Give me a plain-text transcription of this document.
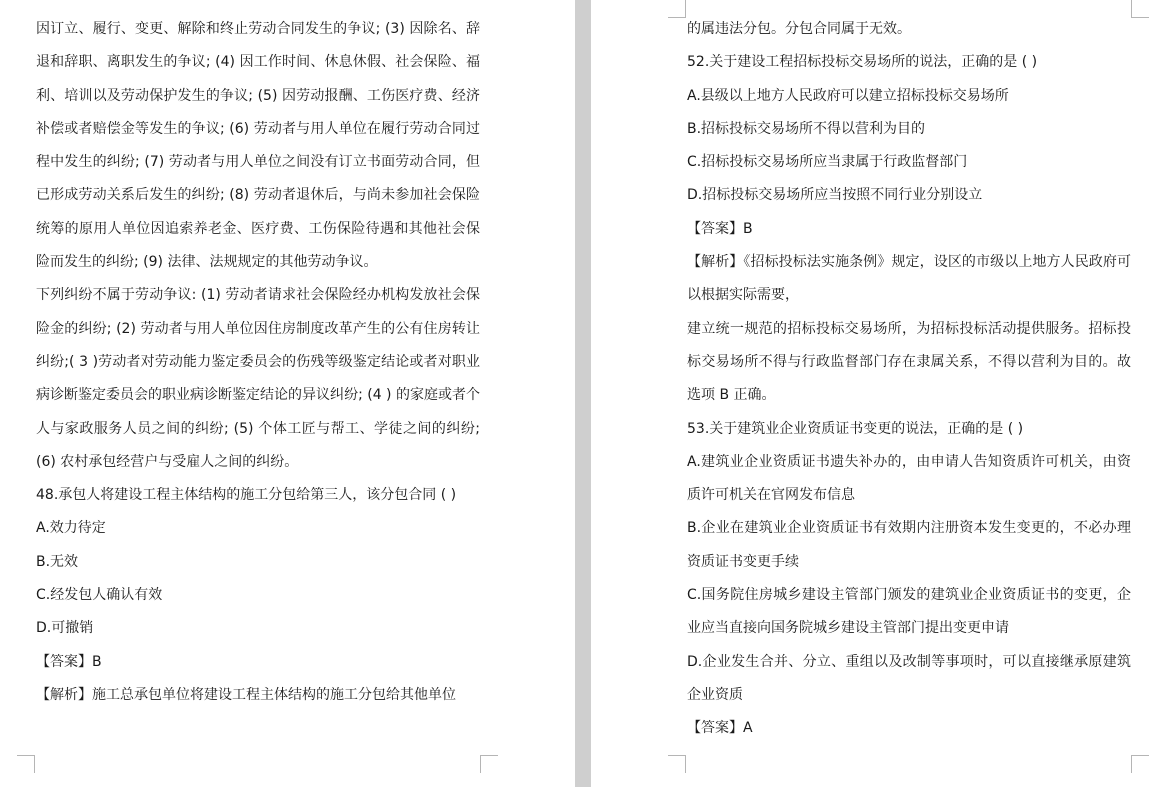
因订立、履行、变更、解除和终止劳动合同发生的争议; (3) 因除名、辞退和辞职、离职发生的争议; (4) 因工作时间、休息休假、社会保险、福利、培训以及劳动保护发生的争议; (5) 因劳动报酬、工伤医疗费、经济补偿或者赔偿金等发生的争议; (6) 劳动者与用人单位在履行劳动合同过程中发生的纠纷; (7) 劳动者与用人单位之间没有订立书面劳动合同，但已形成劳动关系后发生的纠纷; (8) 劳动者退休后，与尚未参加社会保险统筹的原用人单位因追索养老金、医疗费、工伤保险待遇和其他社会保险而发生的纠纷; (9) 法律、法规规定的其他劳动争议。

下列纠纷不属于劳动争议: (1) 劳动者请求社会保险经办机构发放社会保险金的纠纷; (2) 劳动者与用人单位因住房制度改革产生的公有住房转让纠纷;( 3 )劳动者对劳动能力鉴定委员会的伤残等级鉴定结论或者对职业病诊断鉴定委员会的职业病诊断鉴定结论的异议纠纷; (4 ) 的家庭或者个人与家政服务人员之间的纠纷; (5) 个体工匠与帮工、学徒之间的纠纷; (6) 农村承包经营户与受雇人之间的纠纷。

48.承包人将建设工程主体结构的施工分包给第三人，该分包合同 ( )

A.效力待定

B.无效

C.经发包人确认有效

D.可撤销

【答案】B

【解析】施工总承包单位将建设工程主体结构的施工分包给其他单位

的属违法分包。分包合同属于无效。

52.关于建设工程招标投标交易场所的说法，正确的是 ( )

A.县级以上地方人民政府可以建立招标投标交易场所

B.招标投标交易场所不得以营利为目的

C.招标投标交易场所应当隶属于行政监督部门

D.招标投标交易场所应当按照不同行业分别设立

【答案】B

【解析】《招标投标法实施条例》规定，设区的市级以上地方人民政府可以根据实际需要，

建立统一规范的招标投标交易场所，为招标投标活动提供服务。招标投标交易场所不得与行政监督部门存在隶属关系，不得以营利为目的。故选项 B 正确。

53.关于建筑业企业资质证书变更的说法，正确的是 ( )

A.建筑业企业资质证书遗失补办的，由申请人告知资质许可机关，由资质许可机关在官网发布信息

B.企业在建筑业企业资质证书有效期内注册资本发生变更的，不必办理资质证书变更手续

C.国务院住房城乡建设主管部门颁发的建筑业企业资质证书的变更，企业应当直接向国务院城乡建设主管部门提出变更申请

D.企业发生合并、分立、重组以及改制等事项时，可以直接继承原建筑企业资质

【答案】A
